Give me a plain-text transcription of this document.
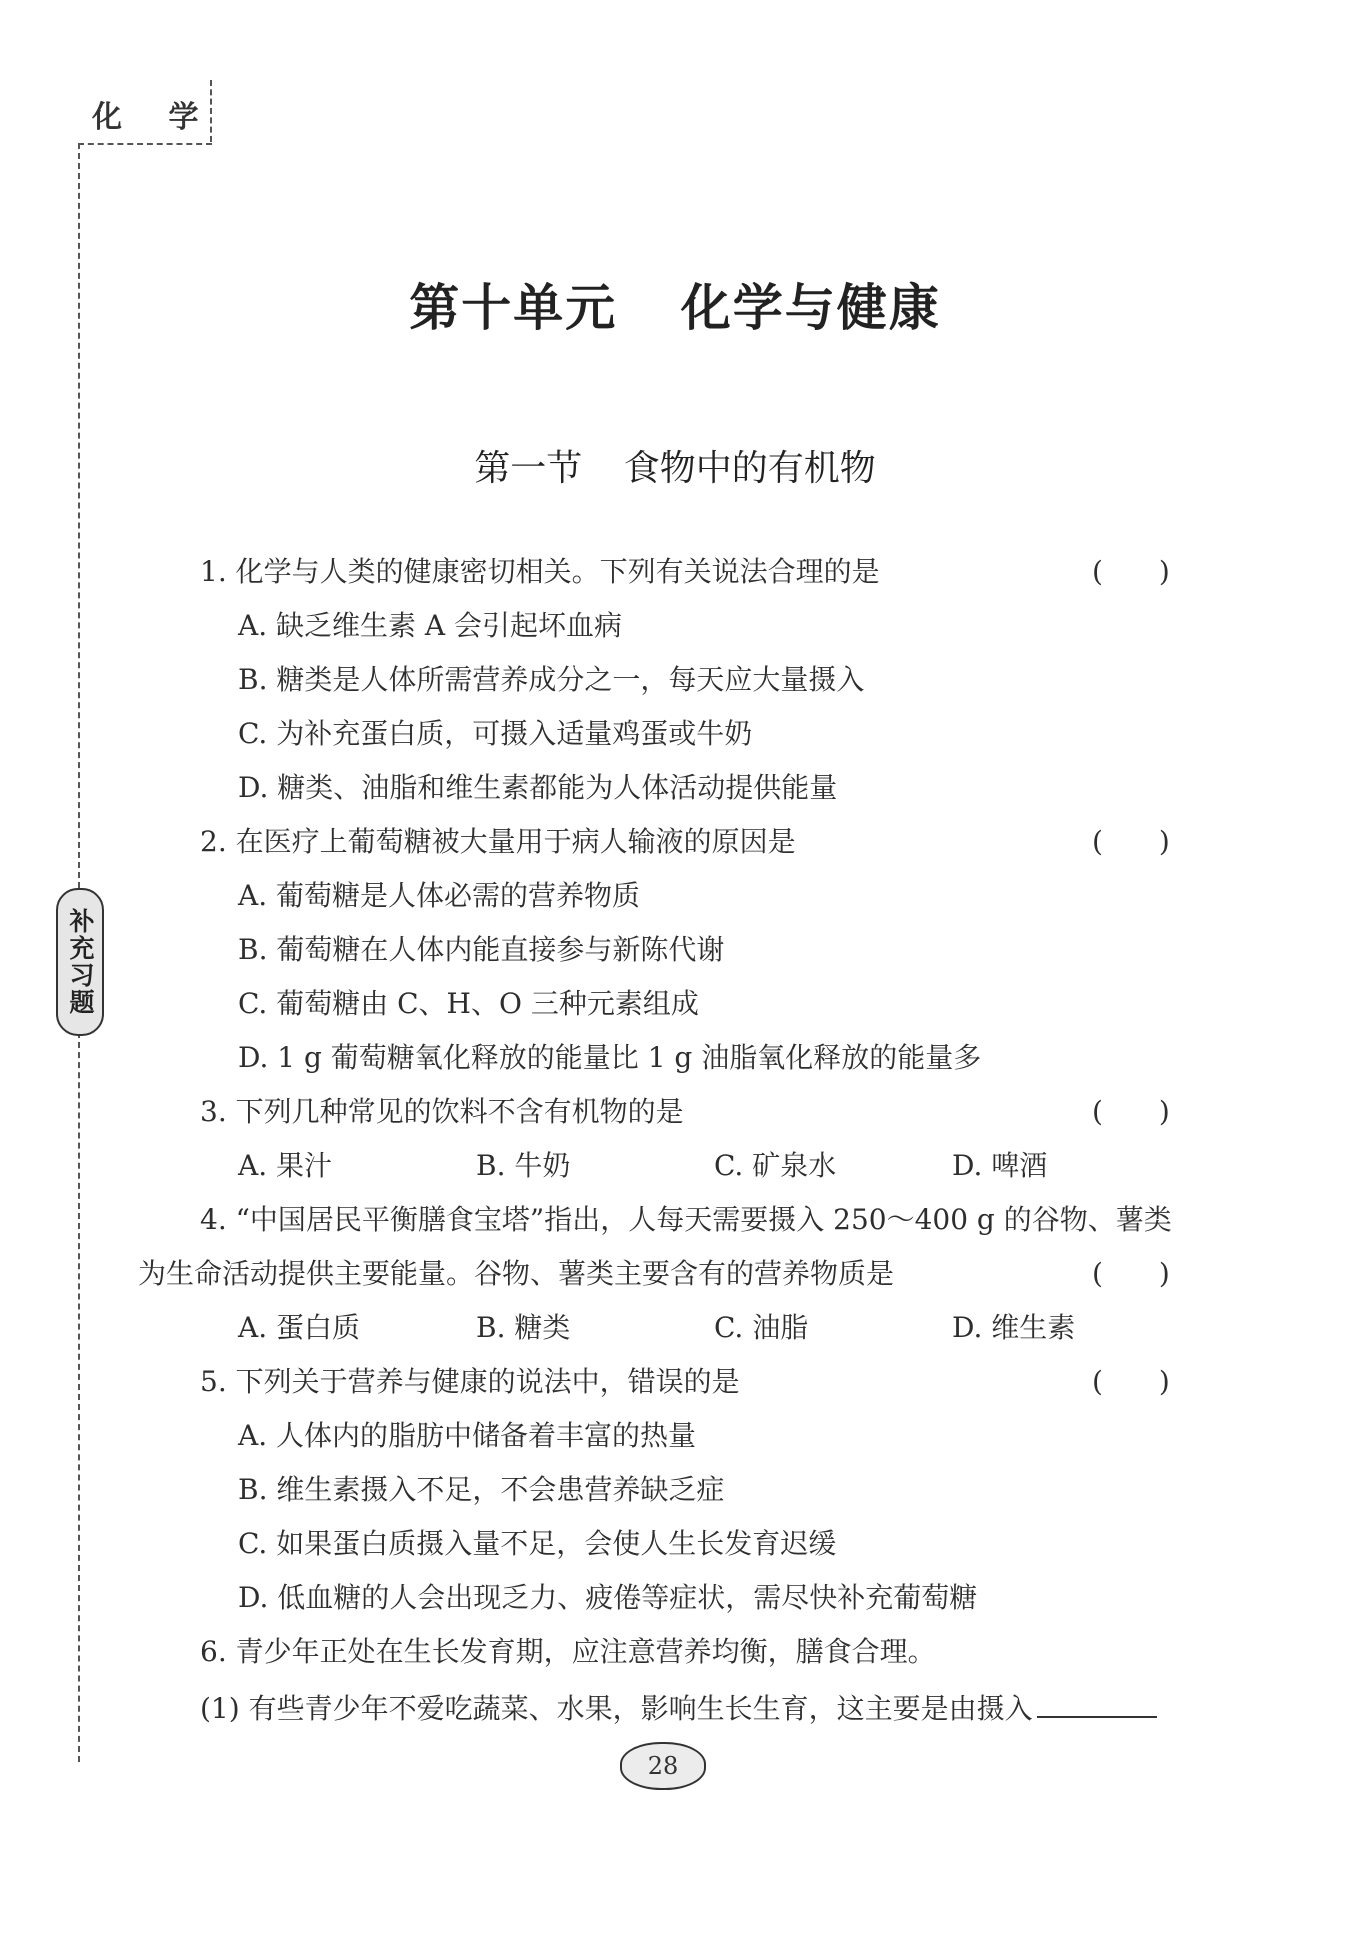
化 学
补充习题
第十单元 化学与健康
第一节 食物中的有机物
1. 化学与人类的健康密切相关。下列有关说法合理的是	(　　)
A. 缺乏维生素 A 会引起坏血病
B. 糖类是人体所需营养成分之一，每天应大量摄入
C. 为补充蛋白质，可摄入适量鸡蛋或牛奶
D. 糖类、油脂和维生素都能为人体活动提供能量
2. 在医疗上葡萄糖被大量用于病人输液的原因是	(　　)
A. 葡萄糖是人体必需的营养物质
B. 葡萄糖在人体内能直接参与新陈代谢
C. 葡萄糖由 C、H、O 三种元素组成
D. 1 g 葡萄糖氧化释放的能量比 1 g 油脂氧化释放的能量多
3. 下列几种常见的饮料不含有机物的是	(　　)
A. 果汁	B. 牛奶	C. 矿泉水	D. 啤酒
4. “中国居民平衡膳食宝塔”指出，人每天需要摄入 250～400 g 的谷物、薯类
为生命活动提供主要能量。谷物、薯类主要含有的营养物质是	(　　)
A. 蛋白质	B. 糖类	C. 油脂	D. 维生素
5. 下列关于营养与健康的说法中，错误的是	(　　)
A. 人体内的脂肪中储备着丰富的热量
B. 维生素摄入不足，不会患营养缺乏症
C. 如果蛋白质摄入量不足，会使人生长发育迟缓
D. 低血糖的人会出现乏力、疲倦等症状，需尽快补充葡萄糖
6. 青少年正处在生长发育期，应注意营养均衡，膳食合理。
(1) 有些青少年不爱吃蔬菜、水果，影响生长生育，这主要是由摄入
28
